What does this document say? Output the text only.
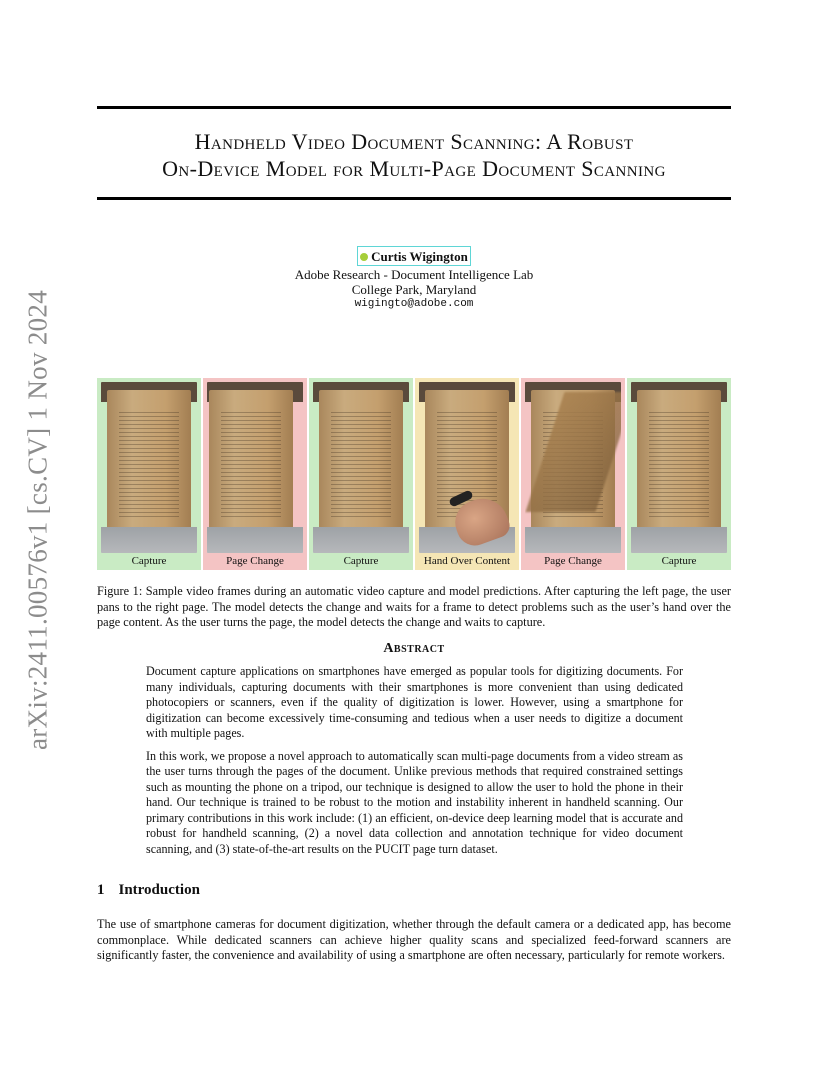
arXiv:2411.00576v1 [cs.CV] 1 Nov 2024
Handheld Video Document Scanning: A Robust
On-Device Model for Multi-Page Document Scanning
Curtis Wigington
Adobe Research - Document Intelligence Lab
College Park, Maryland
wigingto@adobe.com
Capture	Page Change	Capture	Hand Over Content	Page Change	Capture
Figure 1: Sample video frames during an automatic video capture and model predictions. After capturing the left page, the user pans to the right page. The model detects the change and waits for a frame to detect problems such as the user’s hand over the page content. As the user turns the page, the model detects the change and waits to capture.
Abstract

Document capture applications on smartphones have emerged as popular tools for digitizing documents. For many individuals, capturing documents with their smartphones is more convenient than using dedicated photocopiers or scanners, even if the quality of digitization is lower. However, using a smartphone for digitization can become excessively time-consuming and tedious when a user needs to digitize a document with multiple pages.

In this work, we propose a novel approach to automatically scan multi-page documents from a video stream as the user turns through the pages of the document. Unlike previous methods that required constrained settings such as mounting the phone on a tripod, our technique is designed to allow the user to hold the phone in their hand. Our technique is trained to be robust to the motion and instability inherent in handheld scanning. Our primary contributions in this work include: (1) an efficient, on-device deep learning model that is accurate and robust for handheld scanning, (2) a novel data collection and annotation technique for video document scanning, and (3) state-of-the-art results on the PUCIT page turn dataset.

1 Introduction
The use of smartphone cameras for document digitization, whether through the default camera or a dedicated app, has become commonplace. While dedicated scanners can achieve higher quality scans and specialized feed-forward scanners are significantly faster, the convenience and availability of using a smartphone are often necessary, particularly for remote workers.
